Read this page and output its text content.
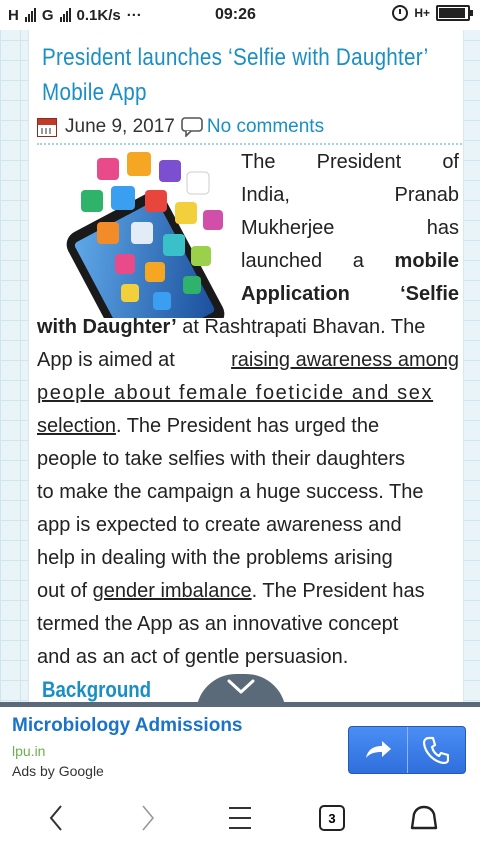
H G 0.1K/s ···	09:26	H+
President launches ‘Selfie with Daughter’
Mobile App
June 9, 2017 No comments
The President of
India,	Pranab
Mukherjee	has
launched a mobile
Application	‘Selfie
with Daughter’ at Rashtrapati Bhavan. The
App is aimed at	raising awareness among
people about female foeticide and sex
selection. The President has urged the
people to take selfies with their daughters
to make the campaign a huge success. The
app is expected to create awareness and
help in dealing with the problems arising
out of gender imbalance. The President has
termed the App as an innovative concept
and as an act of gentle persuasion.
Background
Microbiology Admissions
lpu.in
Ads by Google
3
